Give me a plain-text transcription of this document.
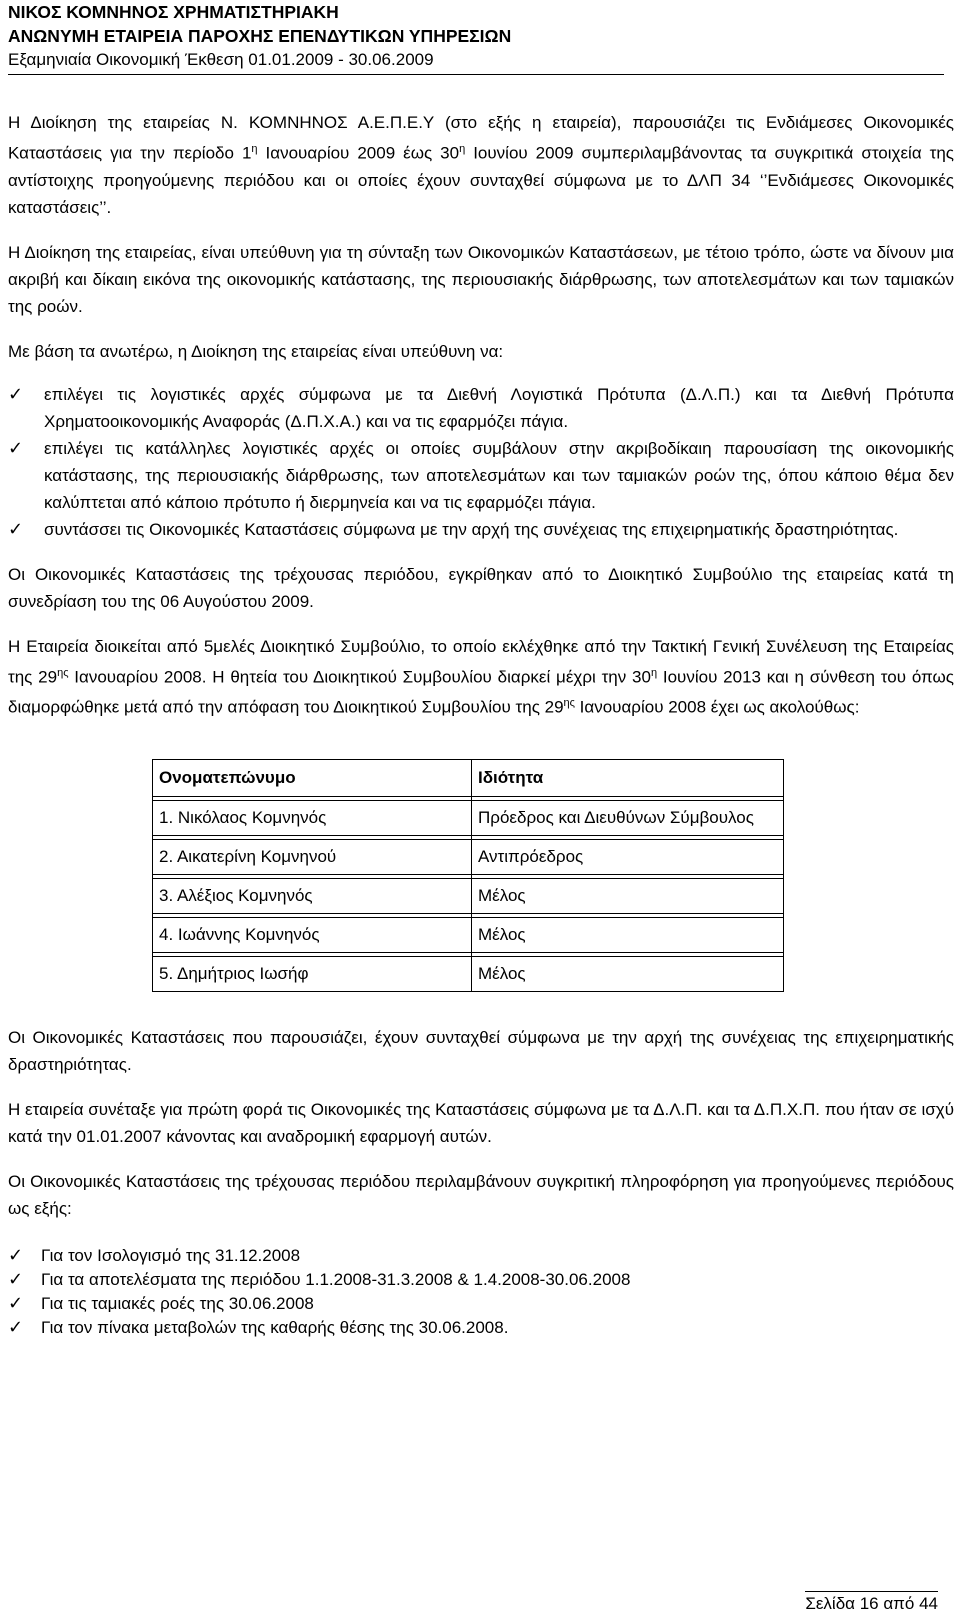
ΝΙΚΟΣ ΚΟΜΝΗΝΟΣ ΧΡΗΜΑΤΙΣΤΗΡΙΑΚΗ
ΑΝΩΝΥΜΗ ΕΤΑΙΡΕΙΑ ΠΑΡΟΧΗΣ ΕΠΕΝΔΥΤΙΚΩΝ ΥΠΗΡΕΣΙΩΝ
Εξαμηνιαία Οικονομική Έκθεση 01.01.2009 - 30.06.2009

Η Διοίκηση της εταιρείας Ν. ΚΟΜΝΗΝΟΣ Α.Ε.Π.Ε.Υ (στο εξής η εταιρεία), παρουσιάζει τις Ενδιάμεσες Οικονομικές Καταστάσεις για την περίοδο $1^\eta$ Ιανουαρίου 2009 έως $30^\eta$ Ιουνίου 2009 συμπεριλαμβάνοντας τα συγκριτικά στοιχεία της αντίστοιχης προηγούμενης περιόδου και οι οποίες έχουν συνταχθεί σύμφωνα με το ΔΛΠ 34 ‘’Ενδιάμεσες Οικονομικές καταστάσεις’’.

Η Διοίκηση της εταιρείας, είναι υπεύθυνη για τη σύνταξη των Οικονομικών Καταστάσεων, με τέτοιο τρόπο, ώστε να δίνουν μια ακριβή και δίκαιη εικόνα της οικονομικής κατάστασης, της περιουσιακής διάρθρωσης, των αποτελεσμάτων και των ταμιακών της ροών.

Με βάση τα ανωτέρω, η Διοίκηση της εταιρείας είναι υπεύθυνη να:

✓	επιλέγει τις λογιστικές αρχές σύμφωνα με τα Διεθνή Λογιστικά Πρότυπα (Δ.Λ.Π.) και τα Διεθνή Πρότυπα Χρηματοοικονομικής Αναφοράς (Δ.Π.Χ.Α.) και να τις εφαρμόζει πάγια.
✓	επιλέγει τις κατάλληλες λογιστικές αρχές οι οποίες συμβάλουν στην ακριβοδίκαιη παρουσίαση της οικονομικής κατάστασης, της περιουσιακής διάρθρωσης, των αποτελεσμάτων και των ταμιακών ροών της, όπου κάποιο θέμα δεν καλύπτεται από κάποιο πρότυπο ή διερμηνεία και να τις εφαρμόζει πάγια.
✓	συντάσσει τις Οικονομικές Καταστάσεις σύμφωνα με την αρχή της συνέχειας της επιχειρηματικής δραστηριότητας.

Οι Οικονομικές Καταστάσεις της τρέχουσας περιόδου, εγκρίθηκαν από το Διοικητικό Συμβούλιο της εταιρείας κατά τη συνεδρίαση του της 06 Αυγούστου 2009.

Η Εταιρεία διοικείται από 5μελές Διοικητικό Συμβούλιο, το οποίο εκλέχθηκε από την Τακτική Γενική Συνέλευση της Εταιρείας της $29^{\eta\varsigma}$ Ιανουαρίου 2008. Η θητεία του Διοικητικού Συμβουλίου διαρκεί μέχρι την $30^\eta$ Ιουνίου 2013 και η σύνθεση του όπως διαμορφώθηκε μετά από την απόφαση του Διοικητικού Συμβουλίου της $29^{\eta\varsigma}$ Ιανουαρίου 2008 έχει ως ακολούθως:

Ονοματεπώνυμο	Ιδιότητα

1. Νικόλαος Κομνηνός	Πρόεδρος και Διευθύνων Σύμβουλος

2. Αικατερίνη Κομνηνού	Αντιπρόεδρος

3. Αλέξιος Κομνηνός	Μέλος

4. Ιωάννης Κομνηνός	Μέλος

5. Δημήτριος Ιωσήφ	Μέλος

Οι Οικονομικές Καταστάσεις που παρουσιάζει, έχουν συνταχθεί σύμφωνα με την αρχή της συνέχειας της επιχειρηματικής δραστηριότητας.

Η εταιρεία συνέταξε για πρώτη φορά τις Οικονομικές της Καταστάσεις σύμφωνα με τα Δ.Λ.Π. και τα Δ.Π.Χ.Π. που ήταν σε ισχύ κατά την 01.01.2007 κάνοντας και αναδρομική εφαρμογή αυτών.

Οι Οικονομικές Καταστάσεις της τρέχουσας περιόδου περιλαμβάνουν συγκριτική πληροφόρηση για προηγούμενες περιόδους ως εξής:

✓	Για τον Ισολογισμό της 31.12.2008
✓	Για τα αποτελέσματα της περιόδου 1.1.2008-31.3.2008 & 1.4.2008-30.06.2008
✓	Για τις ταμιακές ροές της 30.06.2008
✓	Για τον πίνακα μεταβολών της καθαρής θέσης της 30.06.2008.
Σελίδα 16 από 44
